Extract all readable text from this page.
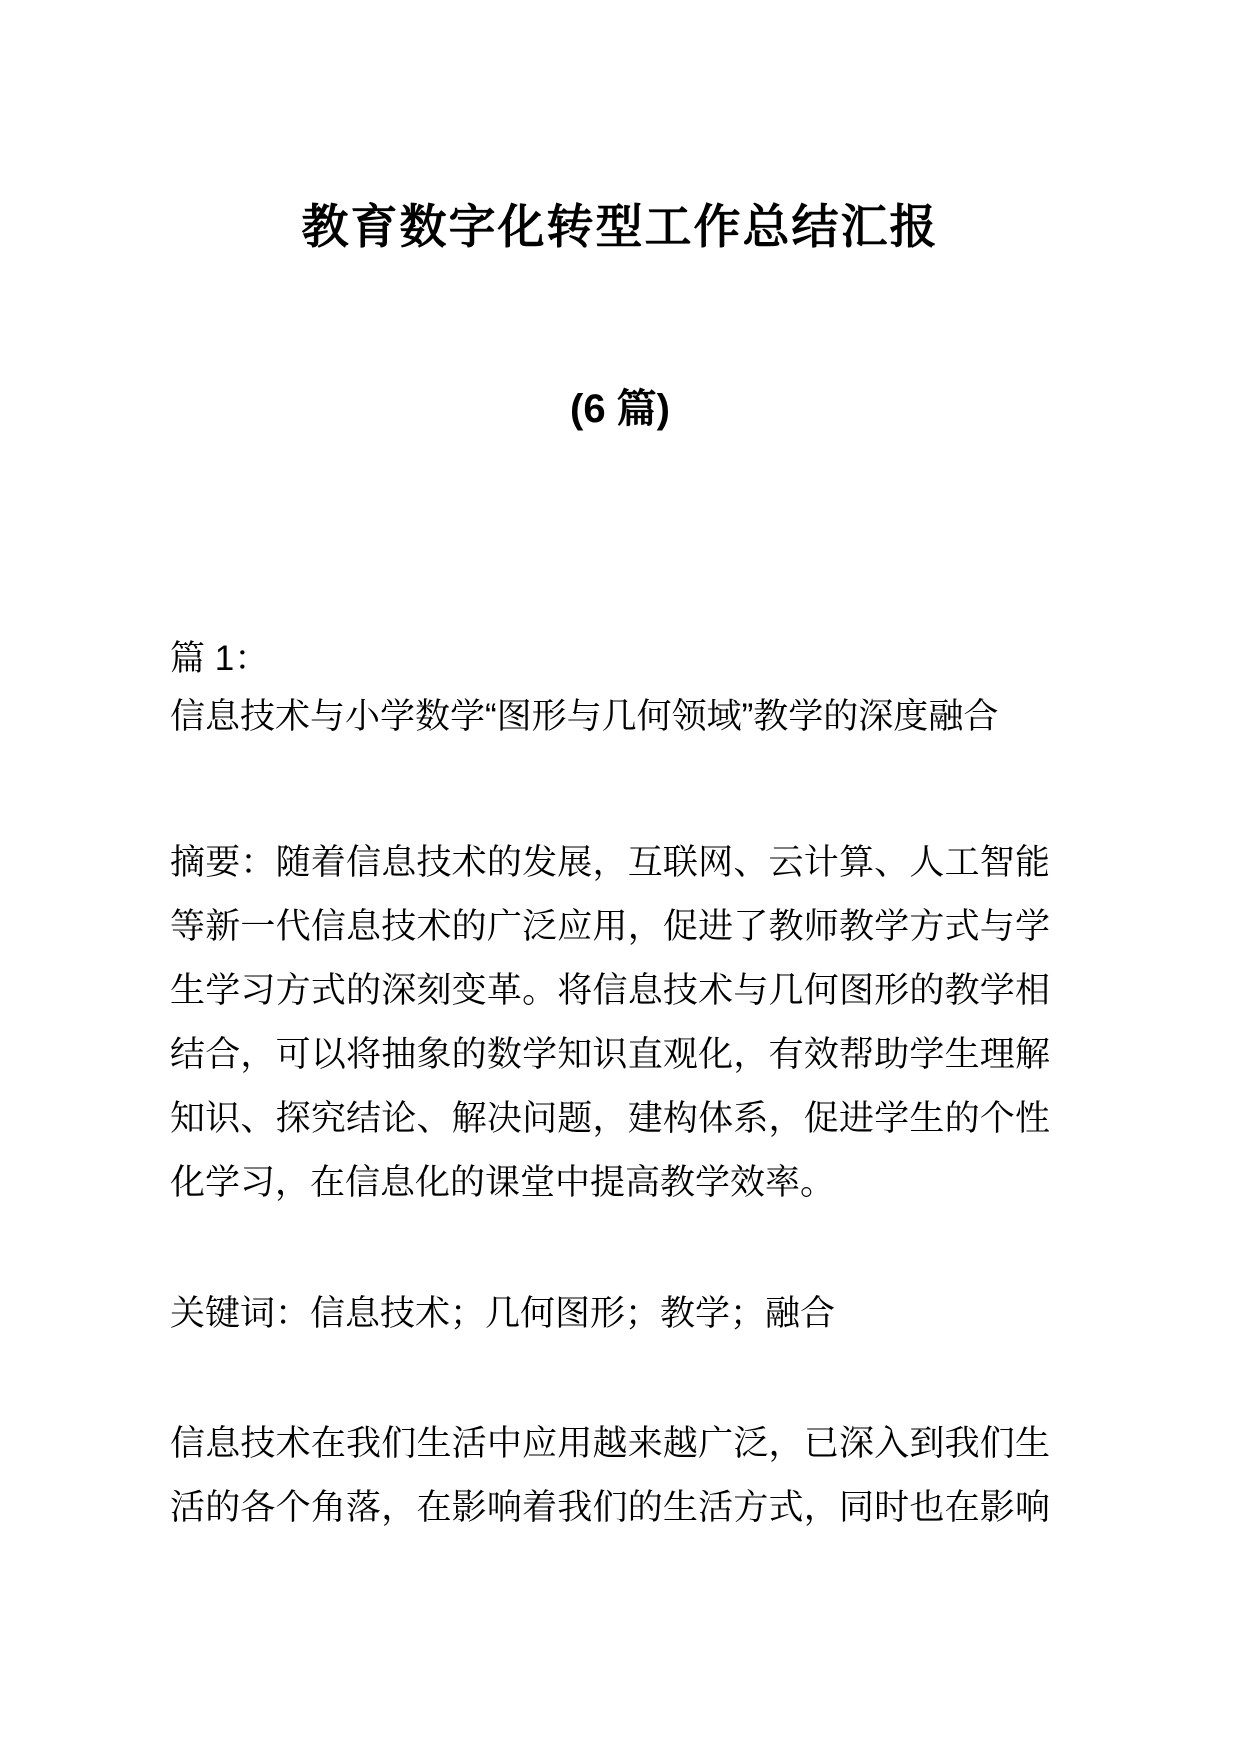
教育数字化转型工作总结汇报
(6 篇)

篇 1：

信息技术与小学数学“图形与几何领域”教学的深度融合

摘要：随着信息技术的发展，互联网、云计算、人工智能
等新一代信息技术的广泛应用，促进了教师教学方式与学
生学习方式的深刻变革。将信息技术与几何图形的教学相
结合，可以将抽象的数学知识直观化，有效帮助学生理解
知识、探究结论、解决问题，建构体系，促进学生的个性
化学习，在信息化的课堂中提高教学效率。

关键词：信息技术；几何图形；教学；融合

信息技术在我们生活中应用越来越广泛，已深入到我们生
活的各个角落，在影响着我们的生活方式，同时也在影响
